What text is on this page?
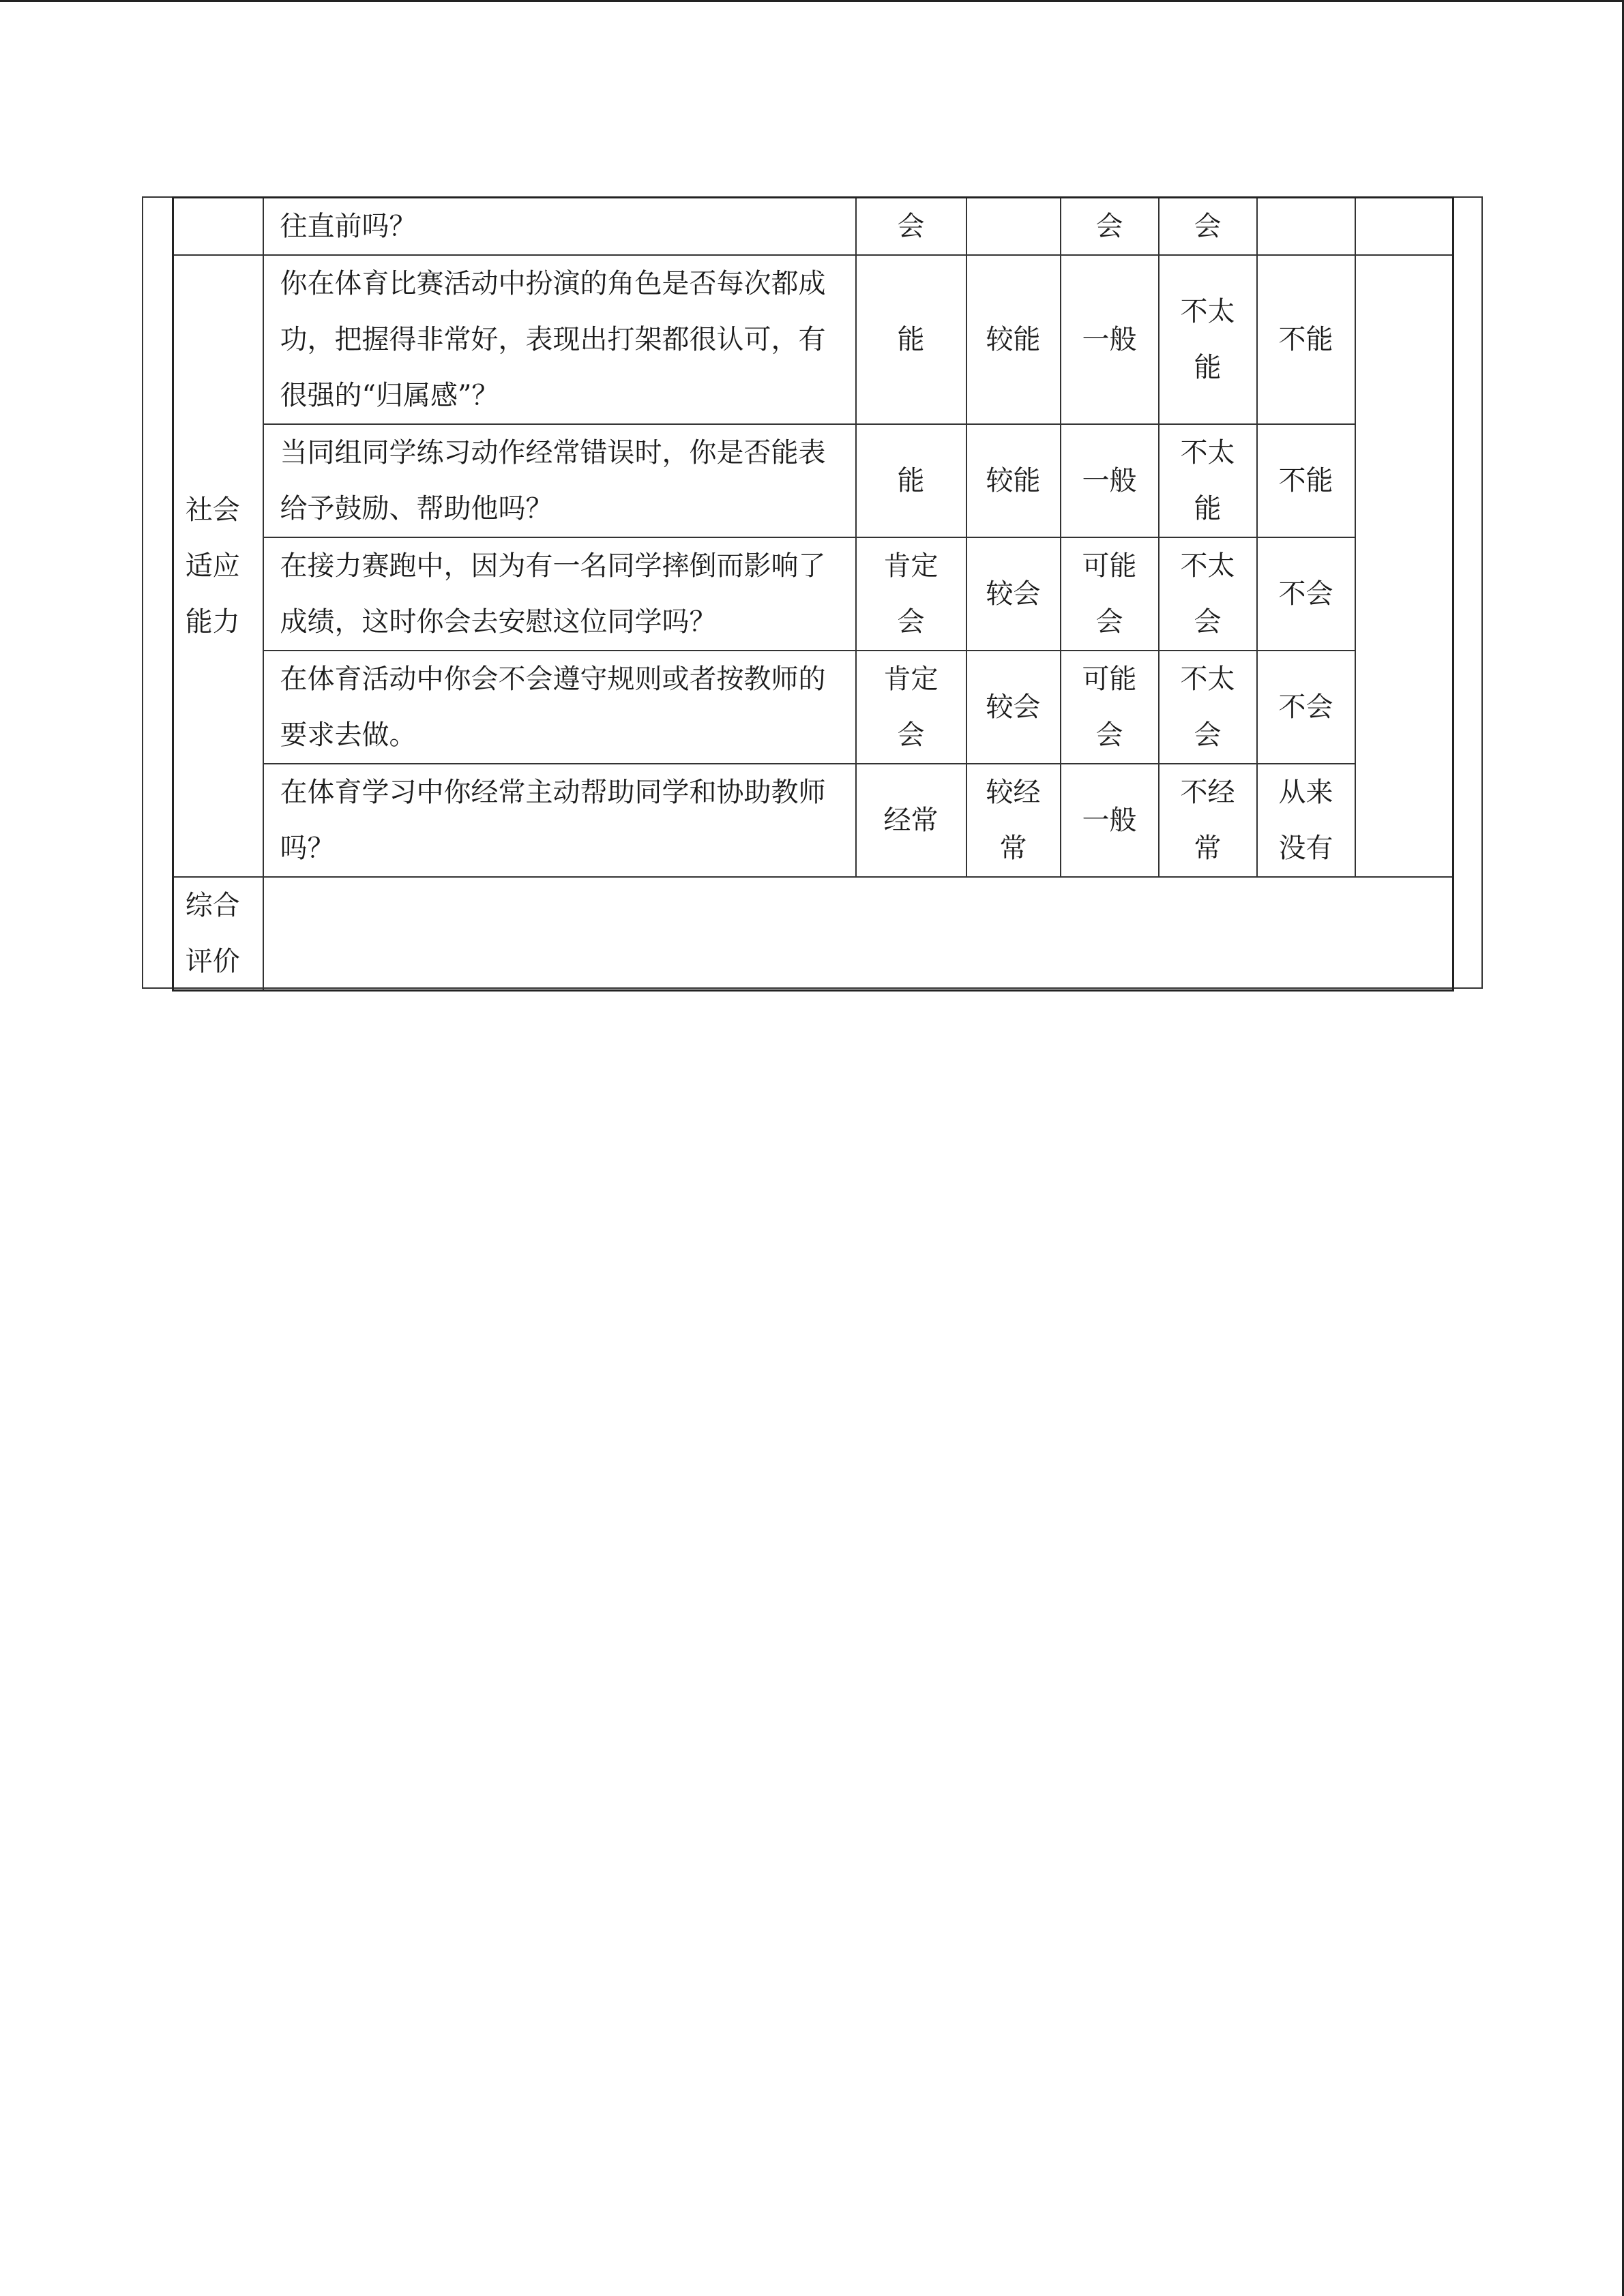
	往直前吗？	会		会	会		

社会适应能力	你在体育比赛活动中扮演的角色是否每次都成功，把握得非常好，表现出打架都很认可，有很强的“归属感”？	能	较能	一般	不太能	不能	

	当同组同学练习动作经常错误时，你是否能表给予鼓励、帮助他吗？	能	较能	一般	不太能	不能	

	在接力赛跑中，因为有一名同学摔倒而影响了成绩，这时你会去安慰这位同学吗？	肯定会	较会	可能会	不太会	不会	

	在体育活动中你会不会遵守规则或者按教师的要求去做。	肯定会	较会	可能会	不太会	不会	

	在体育学习中你经常主动帮助同学和协助教师吗？	经常	较经常	一般	不经常	从来没有	

综合评价							
